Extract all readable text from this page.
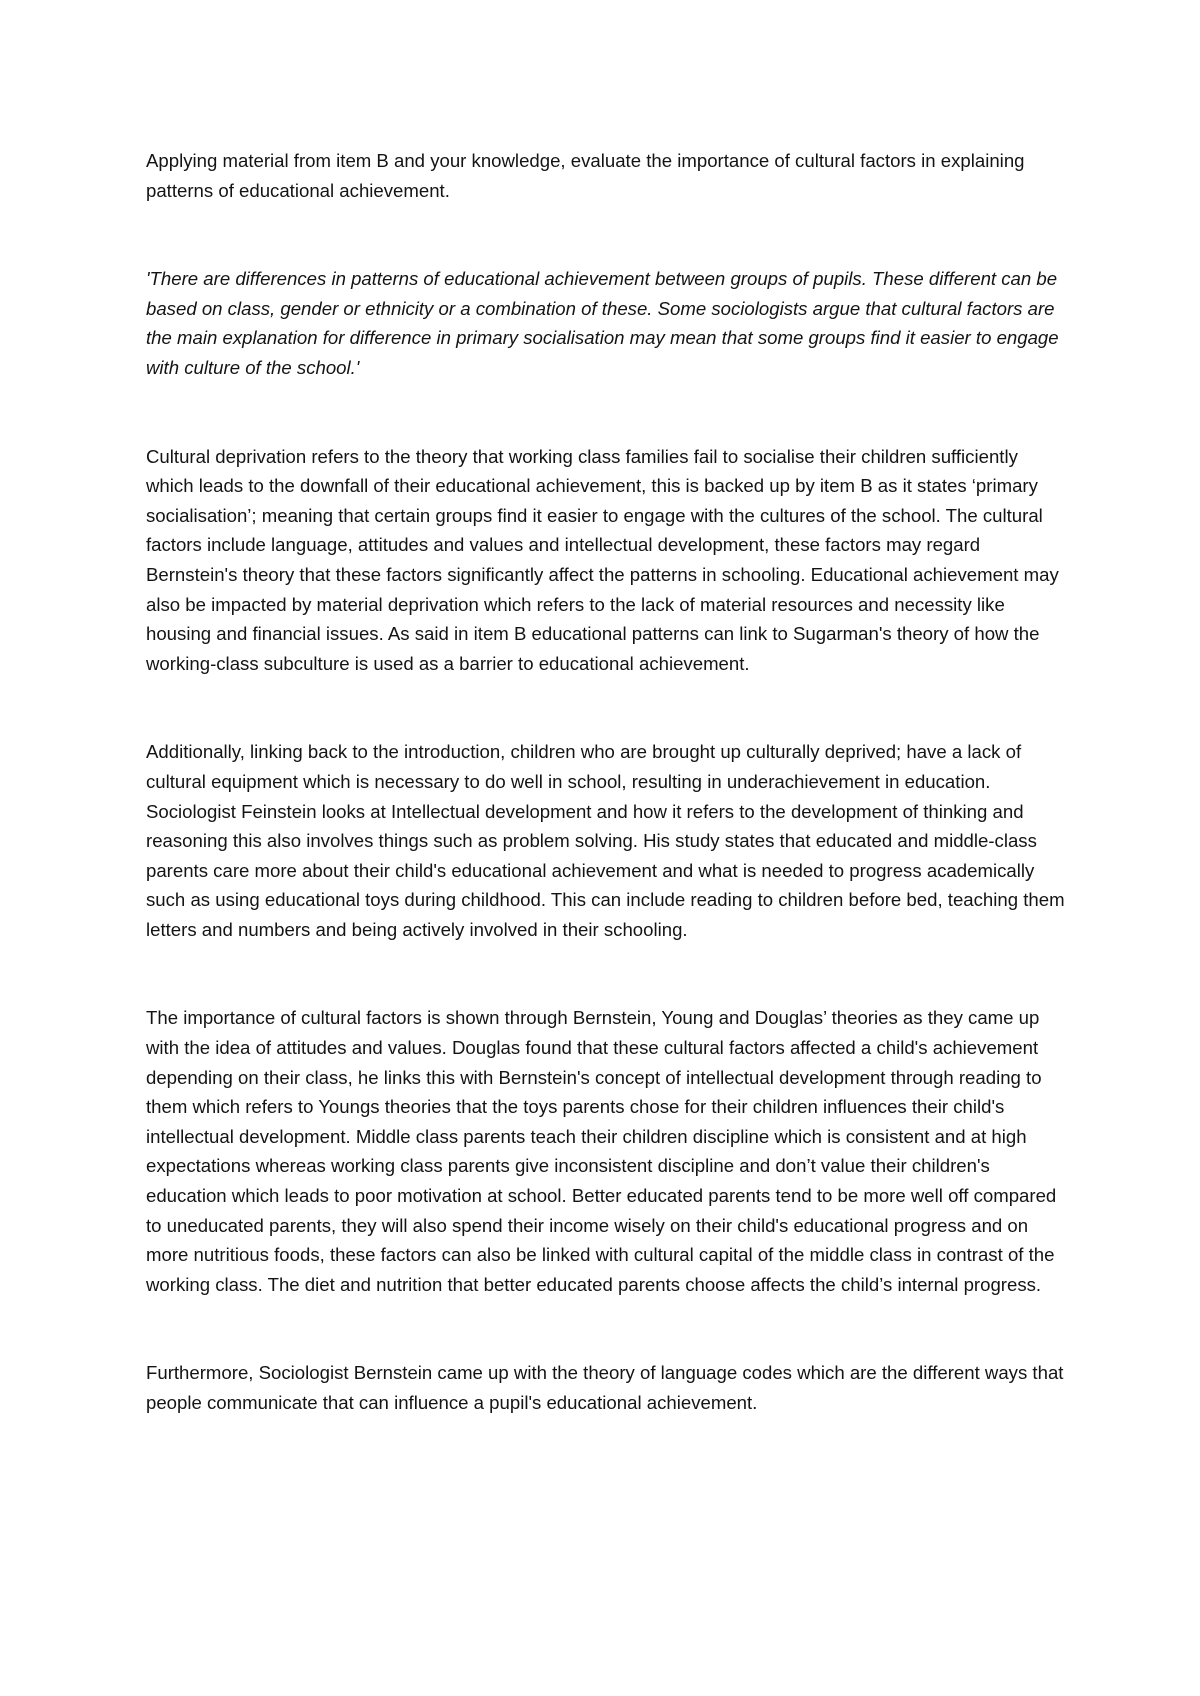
Applying material from item B and your knowledge, evaluate the importance of cultural factors in explaining patterns of educational achievement.

'There are differences in patterns of educational achievement between groups of pupils. These different can be based on class, gender or ethnicity or a combination of these. Some sociologists argue that cultural factors are the main explanation for difference in primary socialisation may mean that some groups find it easier to engage with culture of the school.'

Cultural deprivation refers to the theory that working class families fail to socialise their children sufficiently which leads to the downfall of their educational achievement, this is backed up by item B as it states ‘primary socialisation’; meaning that certain groups find it easier to engage with the cultures of the school. The cultural factors include language, attitudes and values and intellectual development, these factors may regard Bernstein's theory that these factors significantly affect the patterns in schooling. Educational achievement may also be impacted by material deprivation which refers to the lack of material resources and necessity like housing and financial issues. As said in item B educational patterns can link to Sugarman's theory of how the working-class subculture is used as a barrier to educational achievement.

Additionally, linking back to the introduction, children who are brought up culturally deprived; have a lack of cultural equipment which is necessary to do well in school, resulting in underachievement in education. Sociologist Feinstein looks at Intellectual development and how it refers to the development of thinking and reasoning this also involves things such as problem solving. His study states that educated and middle-class parents care more about their child's educational achievement and what is needed to progress academically such as using educational toys during childhood. This can include reading to children before bed, teaching them letters and numbers and being actively involved in their schooling.

The importance of cultural factors is shown through Bernstein, Young and Douglas’ theories as they came up with the idea of attitudes and values. Douglas found that these cultural factors affected a child's achievement depending on their class, he links this with Bernstein's concept of intellectual development through reading to them which refers to Youngs theories that the toys parents chose for their children influences their child's intellectual development. Middle class parents teach their children discipline which is consistent and at high expectations whereas working class parents give inconsistent discipline and don’t value their children's education which leads to poor motivation at school. Better educated parents tend to be more well off compared to uneducated parents, they will also spend their income wisely on their child's educational progress and on more nutritious foods, these factors can also be linked with cultural capital of the middle class in contrast of the working class. The diet and nutrition that better educated parents choose affects the child’s internal progress.

Furthermore, Sociologist Bernstein came up with the theory of language codes which are the different ways that people communicate that can influence a pupil's educational achievement.
